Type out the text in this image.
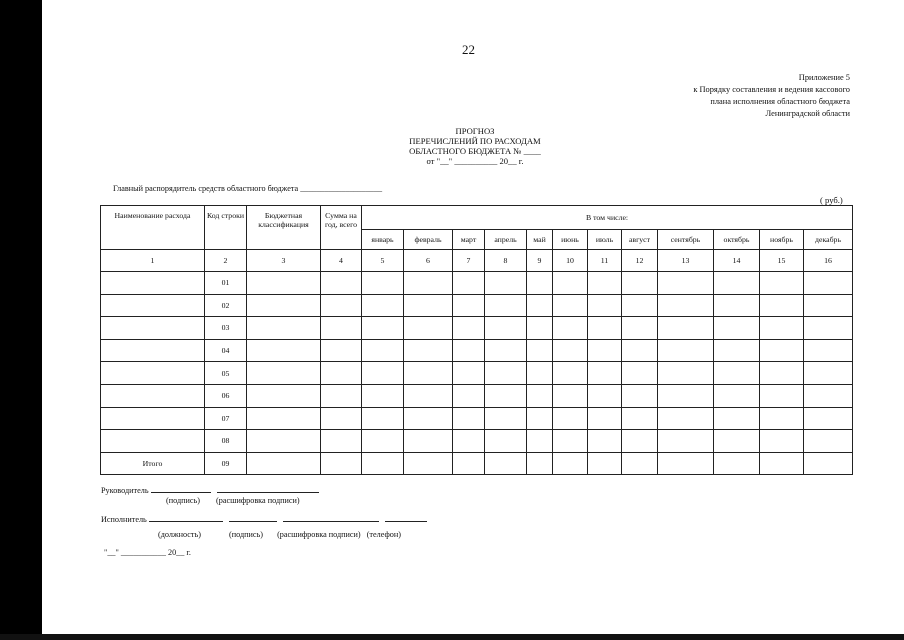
22
Приложение 5
к Порядку составления и ведения кассового
плана исполнения областного бюджета
Ленинградской области
ПРОГНОЗ
ПЕРЕЧИСЛЕНИЙ ПО РАСХОДАМ
ОБЛАСТНОГО БЮДЖЕТА № ____
от "__" __________ 20__ г.
Главный распорядитель средств областного бюджета ____________________
( руб.)
Наименование расхода	Код строки	Бюджетная классификация	Сумма на год, всего	В том числе:											
				январь	февраль	март	апрель	май	июнь	июль	август	сентябрь	октябрь	ноябрь	декабрь
1	2	3	4	5	6	7	8	9	10	11	12	13	14	15	16
	01														
	02														
	03														
	04														
	05														
	06														
	07														
	08														
Итого	09														
Руководитель
(подпись) (расшифровка подписи)
Исполнитель
(должность)	(подпись) (расшифровка подписи) (телефон)
"__" ___________ 20__ г.
